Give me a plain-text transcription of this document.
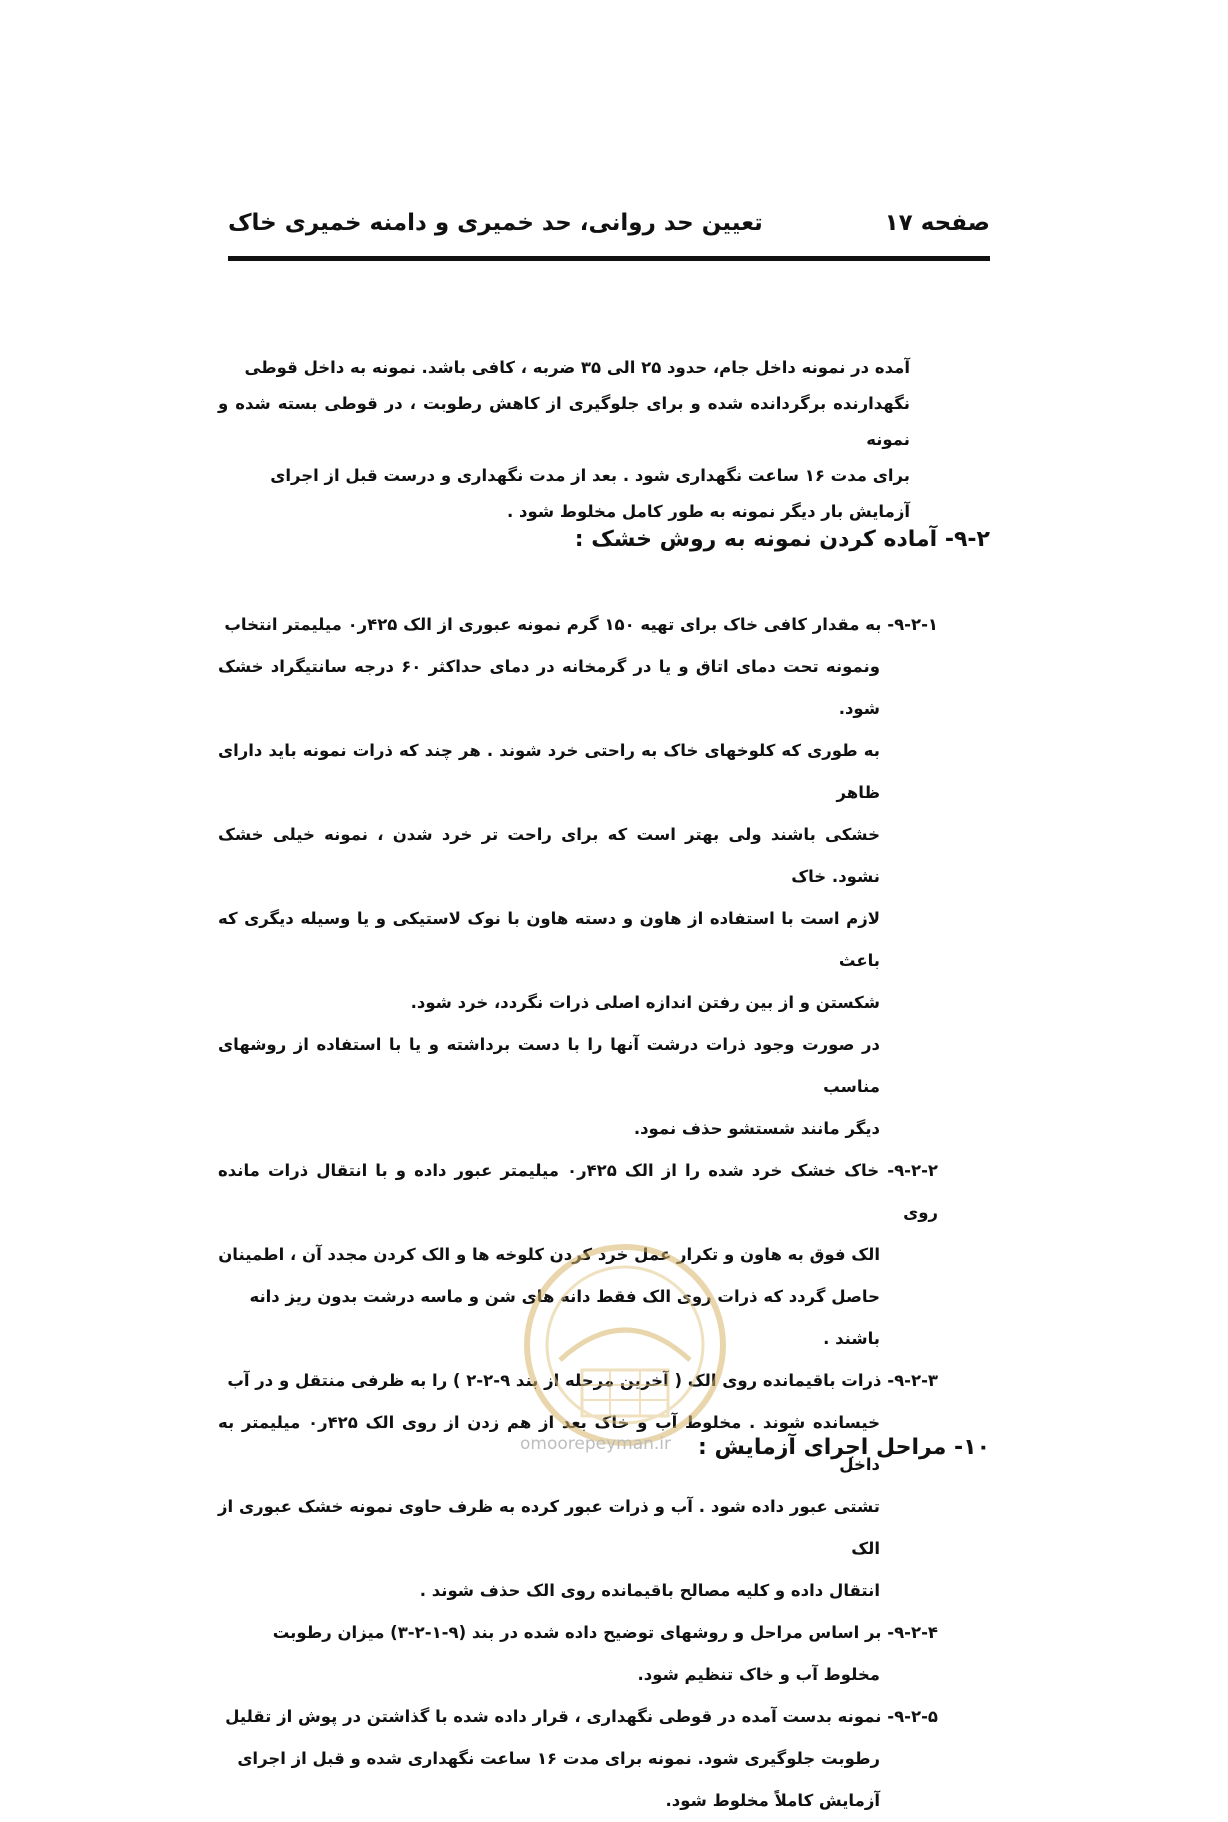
صفحه ۱۷
تعیین حد روانی، حد خمیری و دامنه خمیری خاک
آمده در نمونه داخل جام، حدود ۲۵ الی ۳۵ ضربه ، کافی باشد. نمونه به داخل قوطی
نگهدارنده برگردانده شده و برای جلوگیری از کاهش رطوبت ، در قوطی بسته شده و نمونه
برای مدت ۱۶ ساعت نگهداری شود . بعد از مدت نگهداری و درست قبل از اجرای
آزمایش بار دیگر نمونه به طور کامل مخلوط شود .
۹-۲- آماده کردن نمونه به روش خشک :
۹-۲-۱- به مقدار کافی خاک برای تهیه ۱۵۰ گرم نمونه عبوری از الک ۴۲۵ر۰ میلیمتر انتخاب
ونمونه تحت دمای اتاق و یا در گرمخانه در دمای حداکثر ۶۰ درجه سانتیگراد خشک شود.
به طوری که کلوخهای خاک به راحتی خرد شوند . هر چند که ذرات نمونه باید دارای ظاهر
خشکی باشند ولی بهتر است که برای راحت تر خرد شدن ، نمونه خیلی خشک نشود. خاک
لازم است با استفاده از هاون و دسته هاون با نوک لاستیکی و یا وسیله دیگری که باعث
شکستن و از بین رفتن اندازه اصلی ذرات نگردد، خرد شود.
در صورت وجود ذرات درشت آنها را با دست برداشته و یا با استفاده از روشهای مناسب
دیگر مانند شستشو حذف نمود.
۹-۲-۲- خاک خشک خرد شده را از الک ۴۲۵ر۰ میلیمتر عبور داده و با انتقال ذرات مانده روی
الک فوق به هاون و تکرار عمل خرد کردن کلوخه ها و الک کردن مجدد آن ، اطمینان
حاصل گردد که ذرات روی الک فقط دانه های شن و ماسه درشت بدون ریز دانه باشند .
۹-۲-۳- ذرات باقیمانده روی الک ( آخرین مرحله از بند ۹-۲-۲ ) را به ظرفی منتقل و در آب
خیسانده شوند . مخلوط آب و خاک بعد از هم زدن از روی الک ۴۲۵ر۰ میلیمتر به داخل
تشتی عبور داده شود . آب و ذرات عبور کرده به ظرف حاوی نمونه خشک عبوری از الک
انتقال داده و کلیه مصالح باقیمانده روی الک حذف شوند .
۹-۲-۴- بر اساس مراحل و روشهای توضیح داده شده در بند (۹-۱-۲-۳) میزان رطوبت
مخلوط آب و خاک تنظیم شود.
۹-۲-۵- نمونه بدست آمده در قوطی نگهداری ، قرار داده شده با گذاشتن در پوش از تقلیل
رطوبت جلوگیری شود. نمونه برای مدت ۱۶ ساعت نگهداری شده و قبل از اجرای
آزمایش کاملاً مخلوط شود.
۱۰- مراحل اجرای آزمایش :
omoorepeyman.ir
